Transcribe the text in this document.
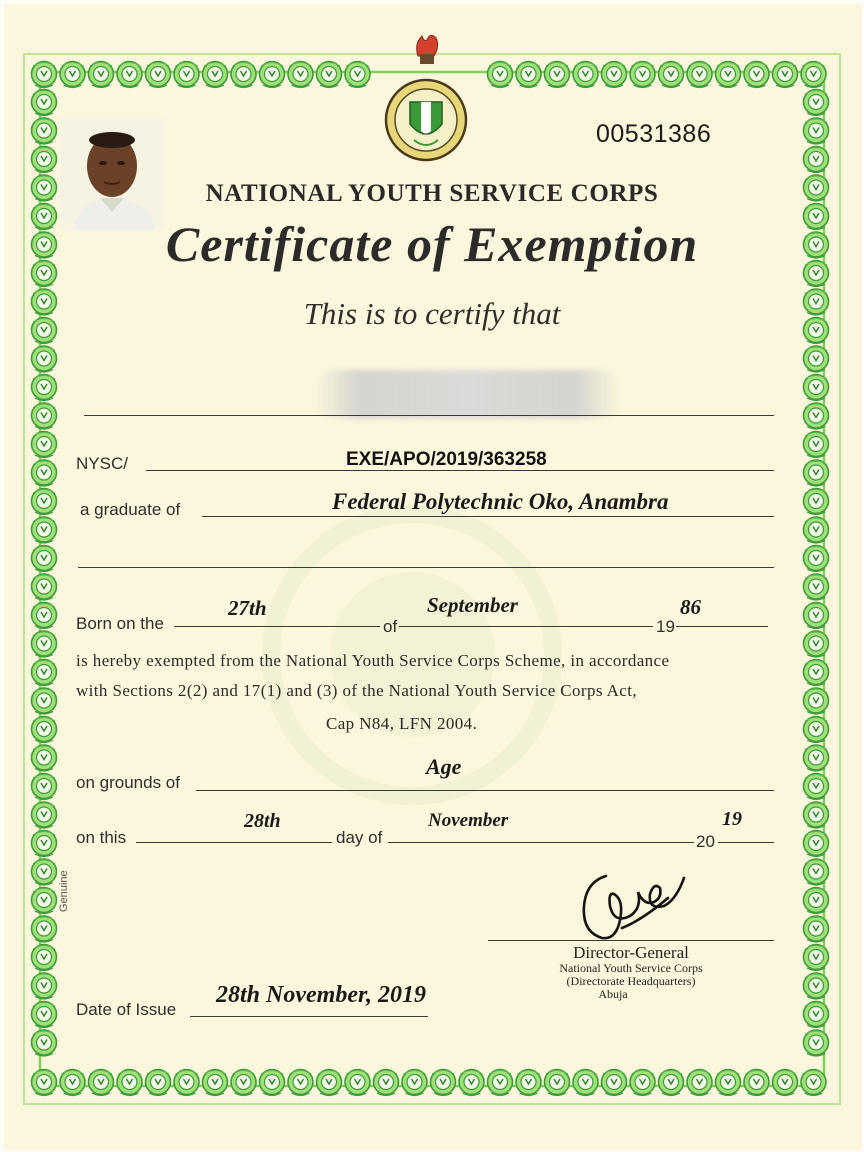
00531386
NATIONAL YOUTH SERVICE CORPS
Certificate of Exemption
This is to certify that
NYSC/	EXE/APO/2019/363258
a graduate of	Federal Polytechnic Oko, Anambra
Born on the
27th
of
September
19
86
is hereby exempted from the National Youth Service Corps Scheme, in accordance
with Sections 2(2) and 17(1) and (3) of the National Youth Service Corps Act,
Cap N84, LFN 2004.
on grounds of
Age
on this
28th
day of
November
20
19
Genuine
Director-General
National Youth Service Corps
(Directorate Headquarters)
Abuja
Date of Issue
28th November, 2019
